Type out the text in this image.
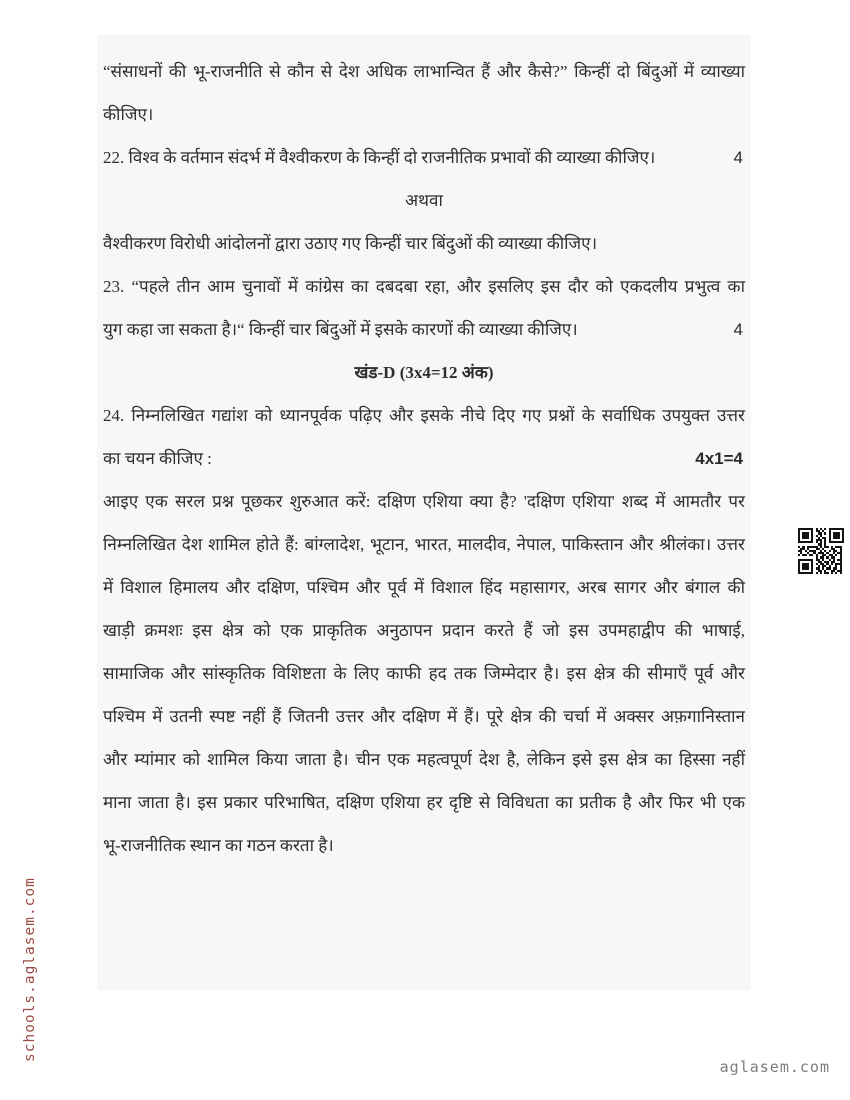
“संसाधनों की भू-राजनीति से कौन से देश अधिक लाभान्वित हैं और कैसे?” किन्हीं दो बिंदुओं में व्याख्या
कीजिए।
22. विश्व के वर्तमान संदर्भ में वैश्वीकरण के किन्हीं दो राजनीतिक प्रभावों की व्याख्या कीजिए।	4
अथवा
वैश्वीकरण विरोधी आंदोलनों द्वारा उठाए गए किन्हीं चार बिंदुओं की व्याख्या कीजिए।
23. “पहले तीन आम चुनावों में कांग्रेस का दबदबा रहा, और इसलिए इस दौर को एकदलीय प्रभुत्व का
युग कहा जा सकता है।“ किन्हीं चार बिंदुओं में इसके कारणों की व्याख्या कीजिए।	4
खंड-D (3x4=12 अंक)
24. निम्नलिखित गद्यांश को ध्यानपूर्वक पढ़िए और इसके नीचे दिए गए प्रश्नों के सर्वाधिक उपयुक्त उत्तर
का चयन कीजिए :	4x1=4
आइए एक सरल प्रश्न पूछकर शुरुआत करें: दक्षिण एशिया क्या है? 'दक्षिण एशिया' शब्द में आमतौर पर
निम्नलिखित देश शामिल होते हैं: बांग्लादेश, भूटान, भारत, मालदीव, नेपाल, पाकिस्तान और श्रीलंका। उत्तर
में विशाल हिमालय और दक्षिण, पश्चिम और पूर्व में विशाल हिंद महासागर, अरब सागर और बंगाल की
खाड़ी क्रमशः इस क्षेत्र को एक प्राकृतिक अनुठापन प्रदान करते हैं जो इस उपमहाद्वीप की भाषाई,
सामाजिक और सांस्कृतिक विशिष्टता के लिए काफी हद तक जिम्मेदार है। इस क्षेत्र की सीमाएँ पूर्व और
पश्चिम में उतनी स्पष्ट नहीं हैं जितनी उत्तर और दक्षिण में हैं। पूरे क्षेत्र की चर्चा में अक्सर अफ़गानिस्तान
और म्यांमार को शामिल किया जाता है। चीन एक महत्वपूर्ण देश है, लेकिन इसे इस क्षेत्र का हिस्सा नहीं
माना जाता है। इस प्रकार परिभाषित, दक्षिण एशिया हर दृष्टि से विविधता का प्रतीक है और फिर भी एक
भू-राजनीतिक स्थान का गठन करता है।
schools.aglasem.com
aglasem.com
